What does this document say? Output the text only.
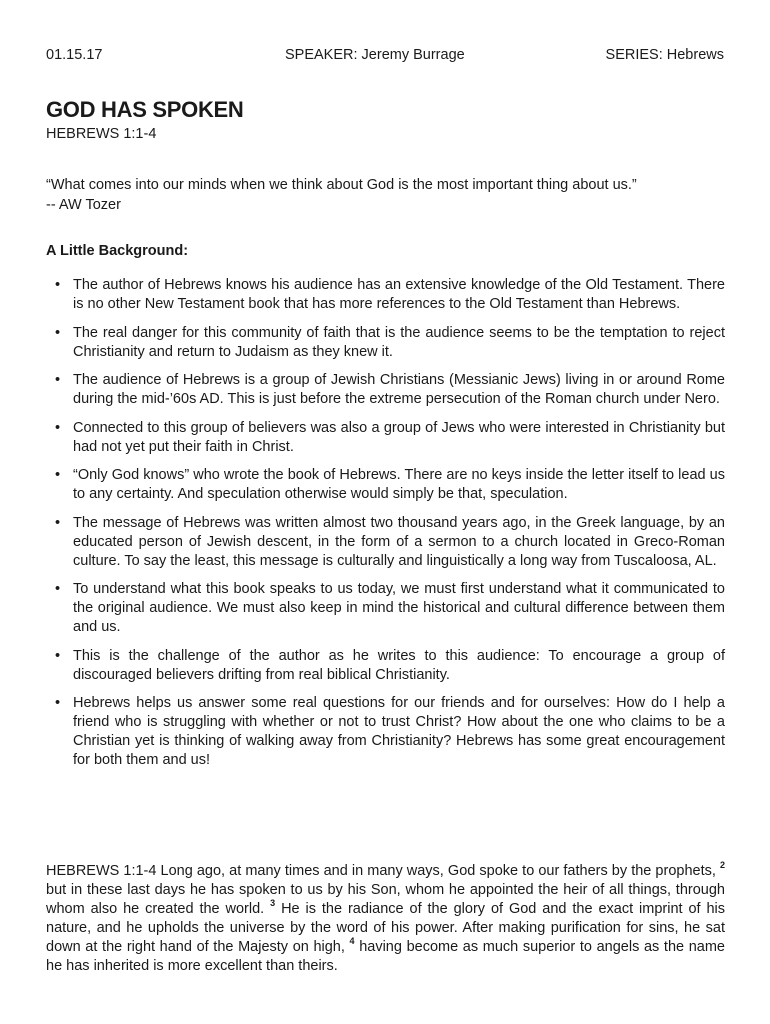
01.15.17	SPEAKER: Jeremy Burrage	SERIES: Hebrews
GOD HAS SPOKEN

HEBREWS 1:1-4

“What comes into our minds when we think about God is the most important thing about us.”
-- AW Tozer

A Little Background:
• The author of Hebrews knows his audience has an extensive knowledge of the Old Testament. There is no other New Testament book that has more references to the Old Testament than Hebrews.
• The real danger for this community of faith that is the audience seems to be the temptation to reject Christianity and return to Judaism as they knew it.
• The audience of Hebrews is a group of Jewish Christians (Messianic Jews) living in or around Rome during the mid-’60s AD. This is just before the extreme persecution of the Roman church under Nero.
• Connected to this group of believers was also a group of Jews who were interested in Christianity but had not yet put their faith in Christ.
• “Only God knows” who wrote the book of Hebrews. There are no keys inside the letter itself to lead us to any certainty. And speculation otherwise would simply be that, speculation.
• The message of Hebrews was written almost two thousand years ago, in the Greek language, by an educated person of Jewish descent, in the form of a sermon to a church located in Greco-Roman culture. To say the least, this message is culturally and linguistically a long way from Tuscaloosa, AL.
• To understand what this book speaks to us today, we must first understand what it communicated to the original audience. We must also keep in mind the historical and cultural difference between them and us.
• This is the challenge of the author as he writes to this audience: To encourage a group of discouraged believers drifting from real biblical Christianity.
• Hebrews helps us answer some real questions for our friends and for ourselves: How do I help a friend who is struggling with whether or not to trust Christ? How about the one who claims to be a Christian yet is thinking of walking away from Christianity? Hebrews has some great encouragement for both them and us!

HEBREWS 1:1-4 Long ago, at many times and in many ways, God spoke to our fathers by the prophets, $^2$ but in these last days he has spoken to us by his Son, whom he appointed the heir of all things, through whom also he created the world. $^3$ He is the radiance of the glory of God and the exact imprint of his nature, and he upholds the universe by the word of his power. After making purification for sins, he sat down at the right hand of the Majesty on high, $^4$ having become as much superior to angels as the name he has inherited is more excellent than theirs.
